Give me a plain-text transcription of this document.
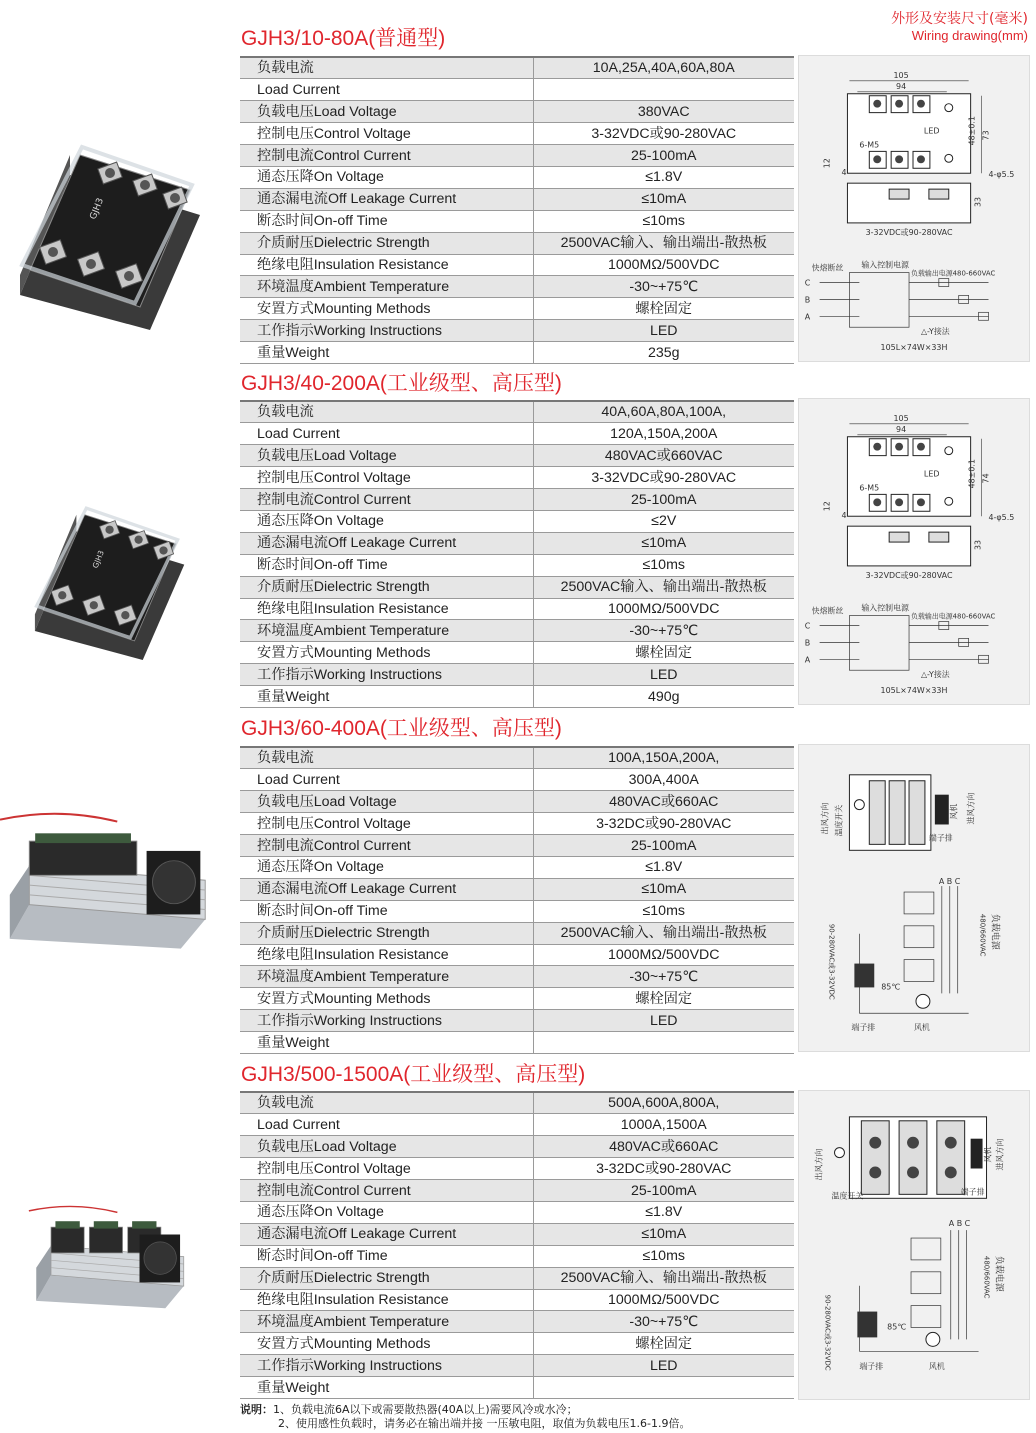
外形及安装尺寸(毫米)
Wiring drawing(mm)
GJH3/10-80A(普通型)
负载电流	10A,25A,40A,60A,80A
Load Current	
负载电压Load Voltage	380VAC
控制电压Control Voltage	3-32VDC或90-280VAC
控制电流Control Current	25-100mA
通态压降On Voltage	≤1.8V
通态漏电流Off Leakage Current	≤10mA
断态时间On-off Time	≤10ms
介质耐压Dielectric Strength	2500VAC输入、输出端出-散热板
绝缘电阻Insulation Resistance	1000MΩ/500VDC
环境温度Ambient Temperature	-30~+75℃
安置方式Mounting Methods	螺栓固定
工作指示Working Instructions	LED
重量Weight	235g
GJH3
105
94
LED	48±0.1 73
6-M5
12
4	4-φ5.5
33
3-32VDC或90-280VAC
快熔断丝 输入控制电源
负载输出电源480-660VAC
C
B
A
△-Y接法
105L×74W×33H
GJH3/40-200A(工业级型、高压型)
负载电流	40A,60A,80A,100A,
Load Current	120A,150A,200A
负载电压Load Voltage	480VAC或660VAC
控制电压Control Voltage	3-32VDC或90-280VAC
控制电流Control Current	25-100mA
通态压降On Voltage	≤2V
通态漏电流Off Leakage Current	≤10mA
断态时间On-off Time	≤10ms
介质耐压Dielectric Strength	2500VAC输入、输出端出-散热板
绝缘电阻Insulation Resistance	1000MΩ/500VDC
环境温度Ambient Temperature	-30~+75℃
安置方式Mounting Methods	螺栓固定
工作指示Working Instructions	LED
重量Weight	490g
GJH3
105
94
LED	48±0.1 74
6-M5
12
4	4-φ5.5
33
3-32VDC或90-280VAC
快熔断丝 输入控制电源
负载输出电源480-660VAC
C
B
A
△-Y接法
105L×74W×33H
GJH3/60-400A(工业级型、高压型)
负载电流	100A,150A,200A,
Load Current	300A,400A
负载电压Load Voltage	480VAC或660AC
控制电压Control Voltage	3-32DC或90-280VAC
控制电流Control Current	25-100mA
通态压降On Voltage	≤1.8V
通态漏电流Off Leakage Current	≤10mA
断态时间On-off Time	≤10ms
介质耐压Dielectric Strength	2500VAC输入、输出端出-散热板
绝缘电阻Insulation Resistance	1000MΩ/500VDC
环境温度Ambient Temperature	-30~+75℃
安置方式Mounting Methods	螺栓固定
工作指示Working Instructions	LED
重量Weight	
出风方向	进风方向
温度开关	风机
端子排
A B C
负载电源
480/660VAC
90-280VAC或3-32VDC	85℃
风机
端子排
GJH3/500-1500A(工业级型、高压型)
负载电流	500A,600A,800A,
Load Current	1000A,1500A
负载电压Load Voltage	480VAC或660AC
控制电压Control Voltage	3-32DC或90-280VAC
控制电流Control Current	25-100mA
通态压降On Voltage	≤1.8V
通态漏电流Off Leakage Current	≤10mA
断态时间On-off Time	≤10ms
介质耐压Dielectric Strength	2500VAC输入、输出端出-散热板
绝缘电阻Insulation Resistance	1000MΩ/500VDC
环境温度Ambient Temperature	-30~+75℃
安置方式Mounting Methods	螺栓固定
工作指示Working Instructions	LED
重量Weight	
出风方向	进风方向
温度开关
风机
端子排
A B C
负载电源
480/660VAC
90-280VAC或3-32VDC	85℃
风机
端子排
说明：1、负载电流6A以下或需要散热器(40A以上)需要风冷或水冷；
2、使用感性负载时，请务必在输出端并接 一压敏电阻，取值为负载电压1.6-1.9倍。
